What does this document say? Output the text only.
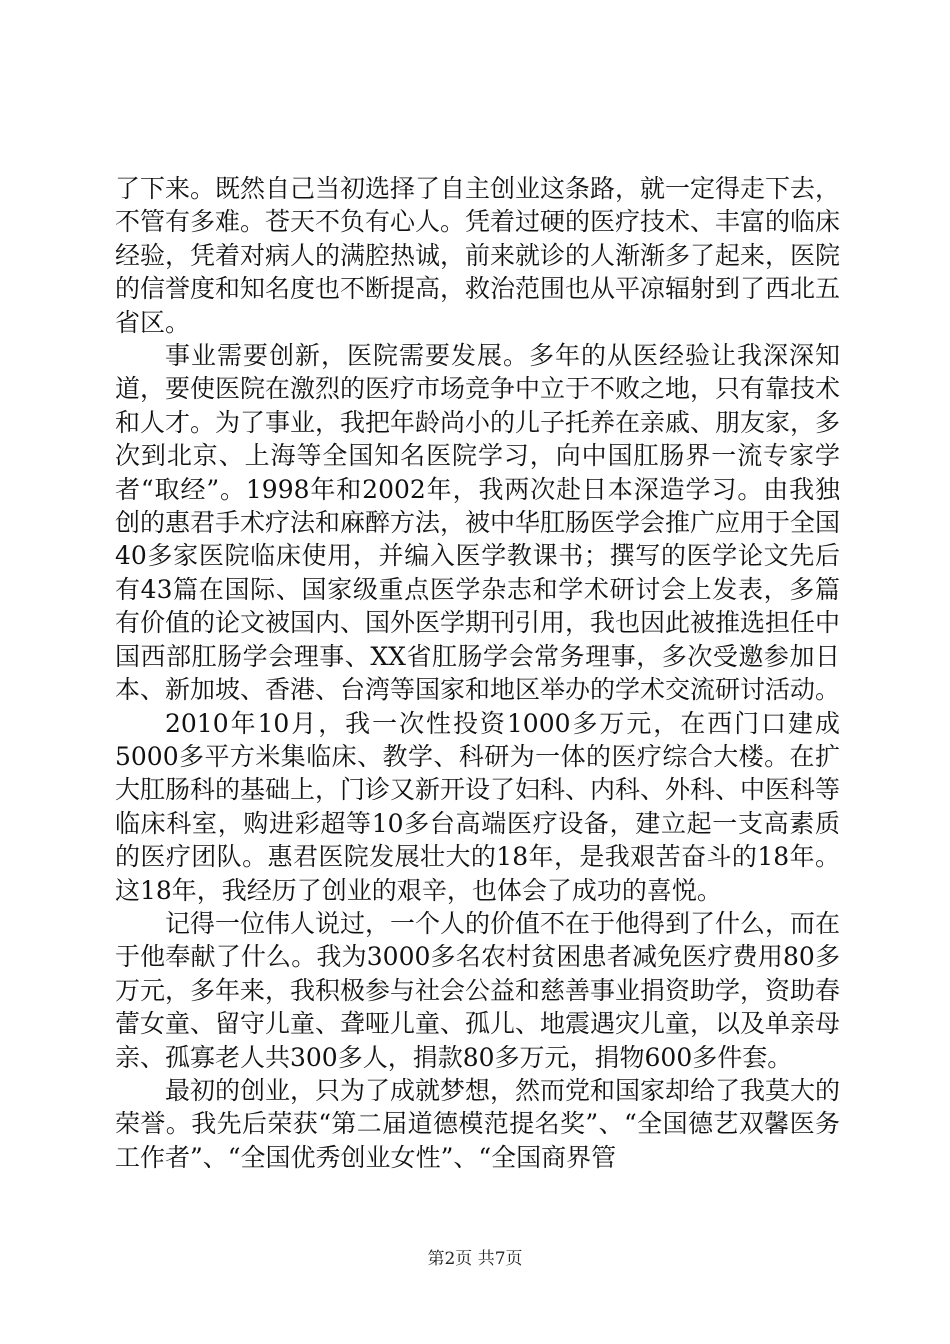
了下来。既然自己当初选择了自主创业这条路，就一定得走下去，不管有多难。苍天不负有心人。凭着过硬的医疗技术、丰富的临床经验，凭着对病人的满腔热诚，前来就诊的人渐渐多了起来，医院的信誉度和知名度也不断提高，救治范围也从平凉辐射到了西北五省区。

事业需要创新，医院需要发展。多年的从医经验让我深深知道，要使医院在激烈的医疗市场竞争中立于不败之地，只有靠技术和人才。为了事业，我把年龄尚小的儿子托养在亲戚、朋友家，多次到北京、上海等全国知名医院学习，向中国肛肠界一流专家学者“取经”。1998年和2002年，我两次赴日本深造学习。由我独创的惠君手术疗法和麻醉方法，被中华肛肠医学会推广应用于全国40多家医院临床使用，并编入医学教课书；撰写的医学论文先后有43篇在国际、国家级重点医学杂志和学术研讨会上发表，多篇有价值的论文被国内、国外医学期刊引用，我也因此被推选担任中国西部肛肠学会理事、XX省肛肠学会常务理事，多次受邀参加日本、新加坡、香港、台湾等国家和地区举办的学术交流研讨活动。

2010年10月，我一次性投资1000多万元，在西门口建成5000多平方米集临床、教学、科研为一体的医疗综合大楼。在扩大肛肠科的基础上，门诊又新开设了妇科、内科、外科、中医科等临床科室，购进彩超等10多台高端医疗设备，建立起一支高素质的医疗团队。惠君医院发展壮大的18年，是我艰苦奋斗的18年。这18年，我经历了创业的艰辛，也体会了成功的喜悦。

记得一位伟人说过，一个人的价值不在于他得到了什么，而在于他奉献了什么。我为3000多名农村贫困患者减免医疗费用80多万元，多年来，我积极参与社会公益和慈善事业捐资助学，资助春蕾女童、留守儿童、聋哑儿童、孤儿、地震遇灾儿童，以及单亲母亲、孤寡老人共300多人，捐款80多万元，捐物600多件套。

最初的创业，只为了成就梦想，然而党和国家却给了我莫大的荣誉。我先后荣获“第二届道德模范提名奖”、“全国德艺双馨医务工作者”、“全国优秀创业女性”、“全国商界管

第2页 共7页
